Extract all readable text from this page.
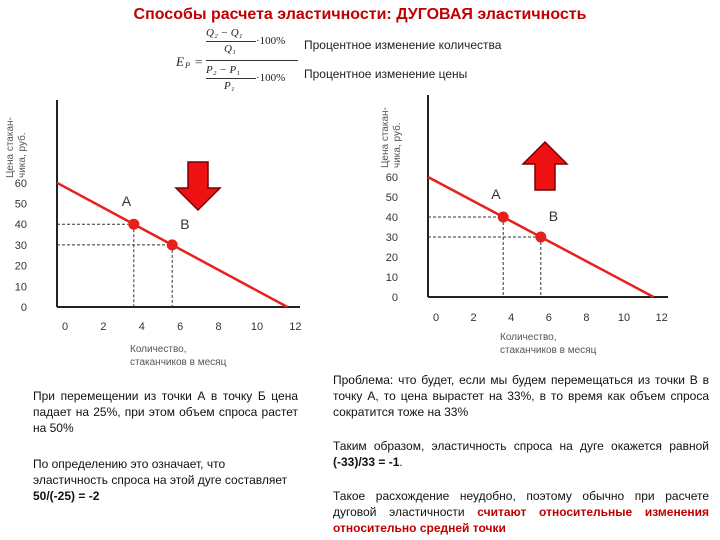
Способы расчета эластичности: ДУГОВАЯ эластичность
E P =
Q₂ − Q₁
Q₁
·100%
P₂ − P₁
P₁
·100%
Процентное изменение количества
Процентное изменение цены
Цена стакан- чика, руб.
0
10
20
30
40
50
60
0	2	4	6	8	10 12
Количество,
стаканчиков в месяц
A
B
Цена стакан- чика, руб.
0
10
20
30
40
50
60
0	2	4	6	8	10 12
Количество,
стаканчиков в месяц
A
B
При перемещении из точки А в точку Б цена падает на 25%, при этом объем спроса растет на 50%
По определению это означает, что эластичность спроса на этой дуге составляет 50/(-25) = -2
Проблема: что будет, если мы будем перемещаться из точки В в точку А, то цена вырастет на 33%, в то время как объем спроса сократится тоже на 33%
Таким образом, эластичность спроса на дуге окажется равной (-33)/33 = -1.
Такое расхождение неудобно, поэтому обычно при расчете дуговой эластичности считают относительные изменения относительно средней точки
